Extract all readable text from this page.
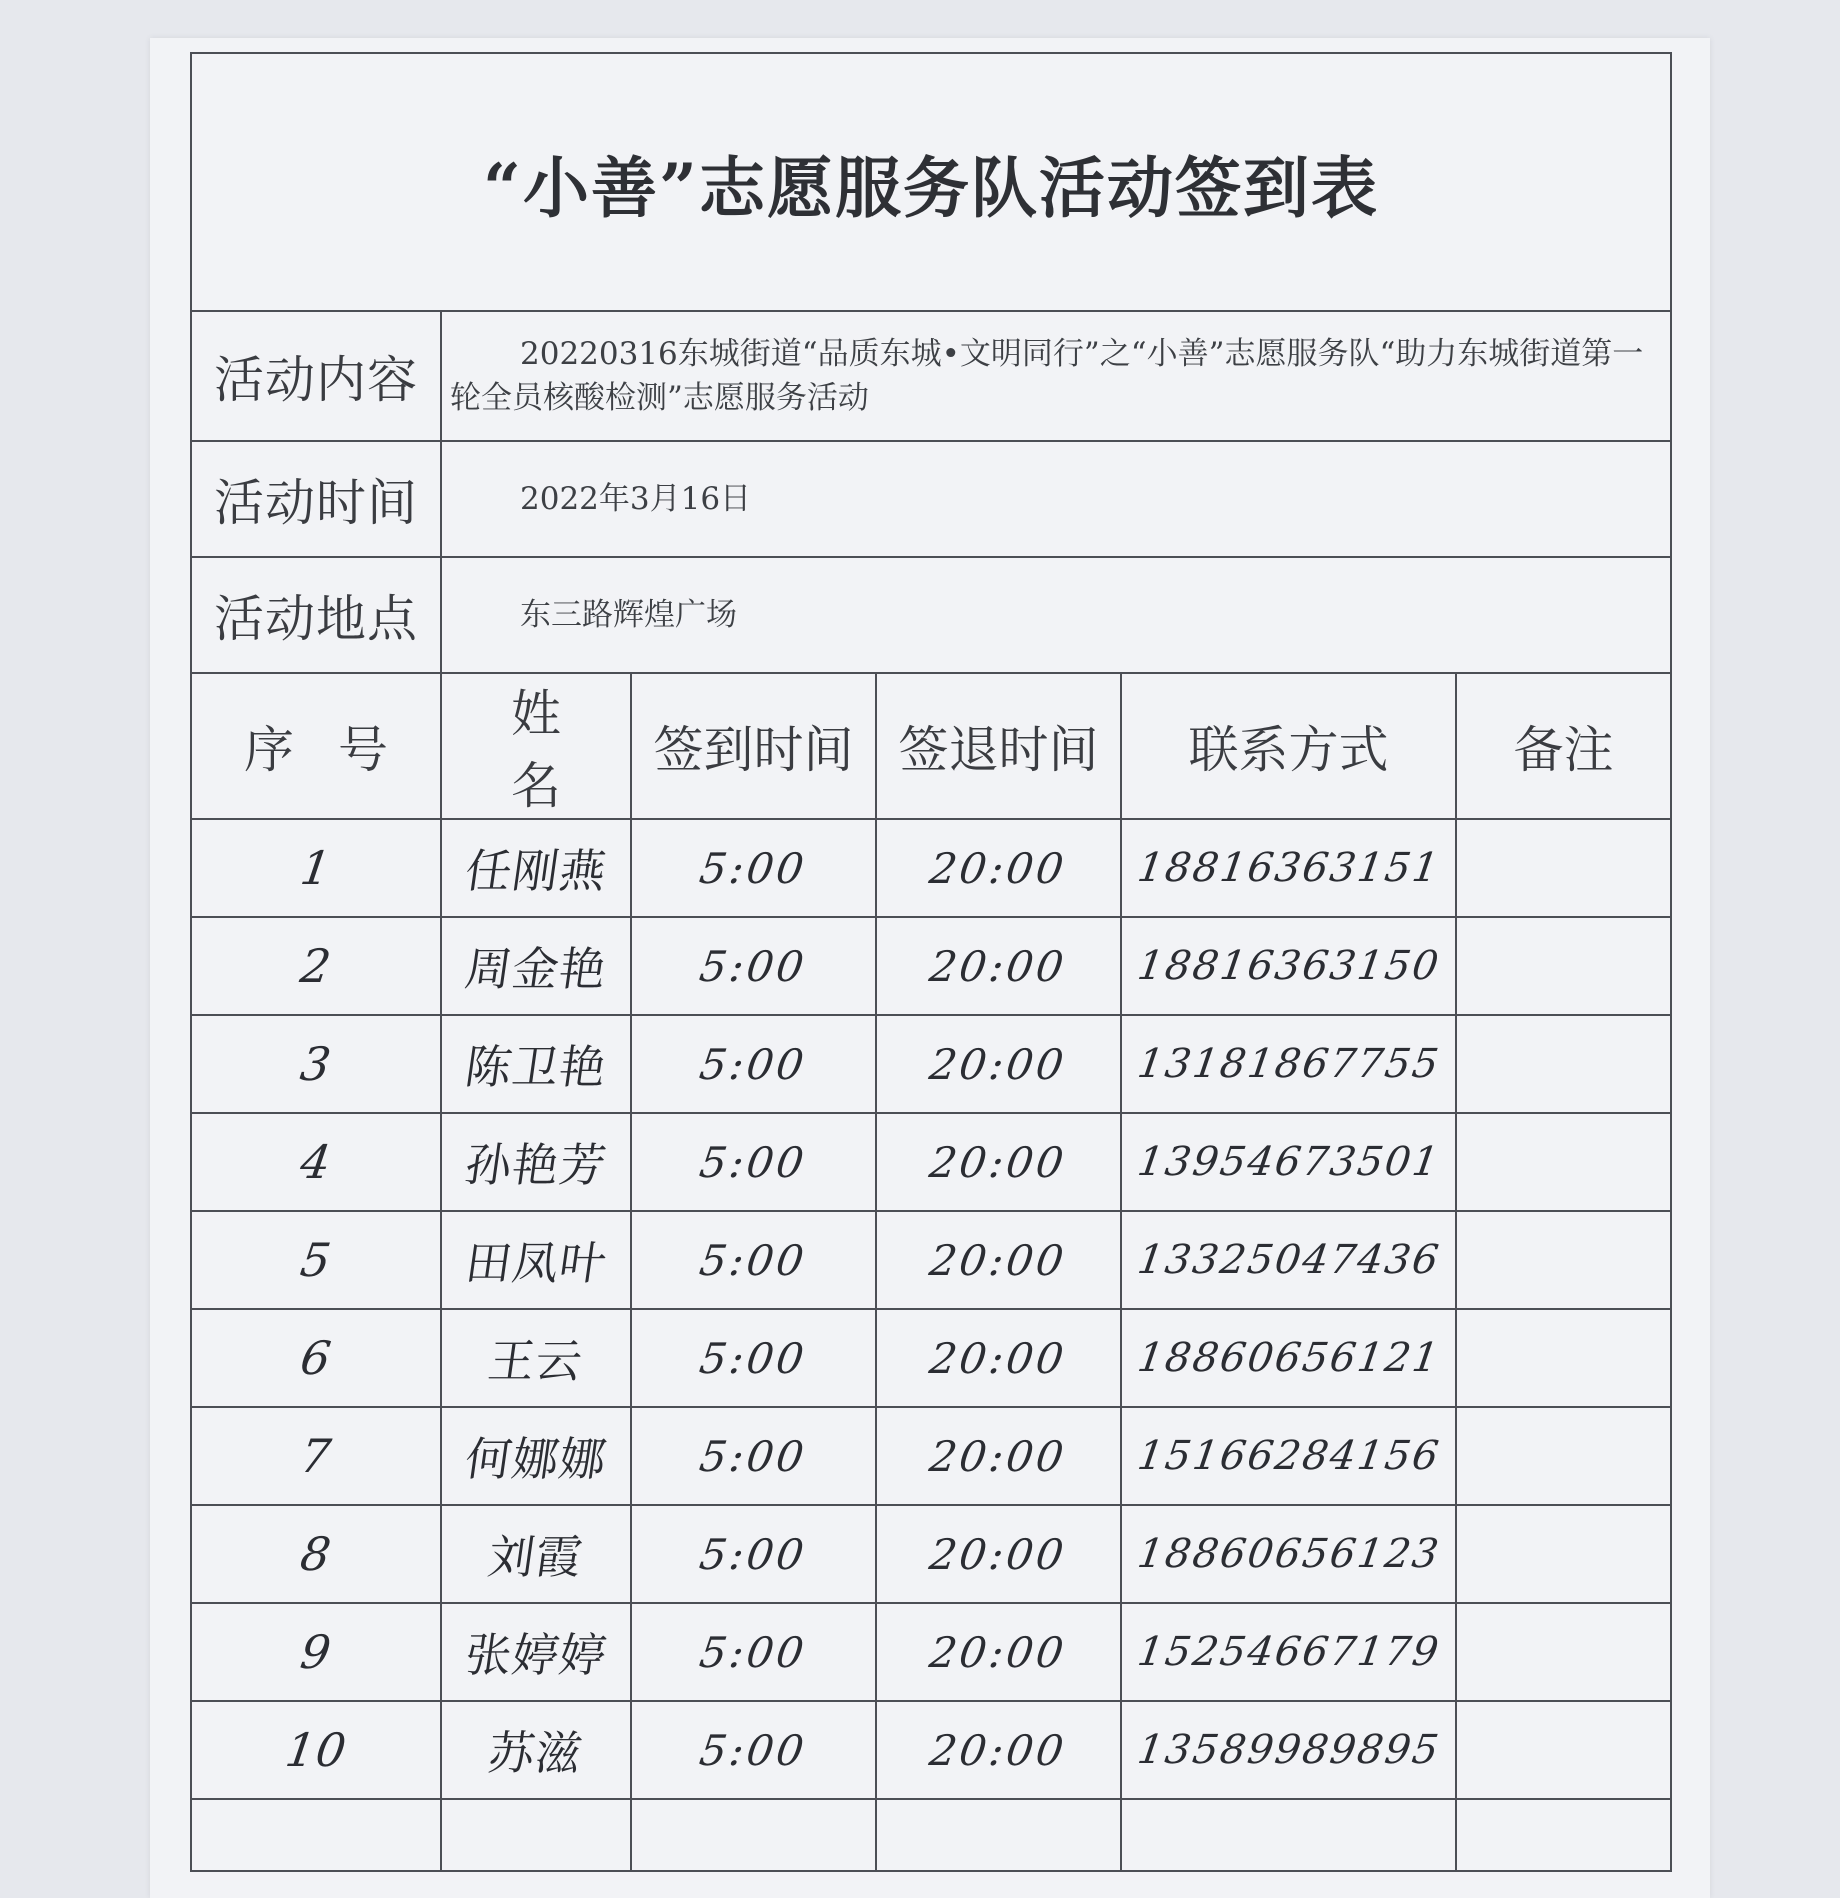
“小善”志愿服务队活动签到表					
活动内容	20220316东城街道“品质东城•文明同行”之“小善”志愿服务队“助力东城街道第一轮全员核酸检测”志愿服务活动				
活动时间	2022年3月16日				
活动地点	东三路辉煌广场				
序号	姓名	签到时间	签退时间	联系方式	备注
1	任刚燕	5:00	20:00	18816363151	
2	周金艳	5:00	20:00	18816363150	
3	陈卫艳	5:00	20:00	13181867755	
4	孙艳芳	5:00	20:00	13954673501	
5	田凤叶	5:00	20:00	13325047436	
6	王云	5:00	20:00	18860656121	
7	何娜娜	5:00	20:00	15166284156	
8	刘霞	5:00	20:00	18860656123	
9	张婷婷	5:00	20:00	15254667179	
10	苏滋	5:00	20:00	13589989895	
